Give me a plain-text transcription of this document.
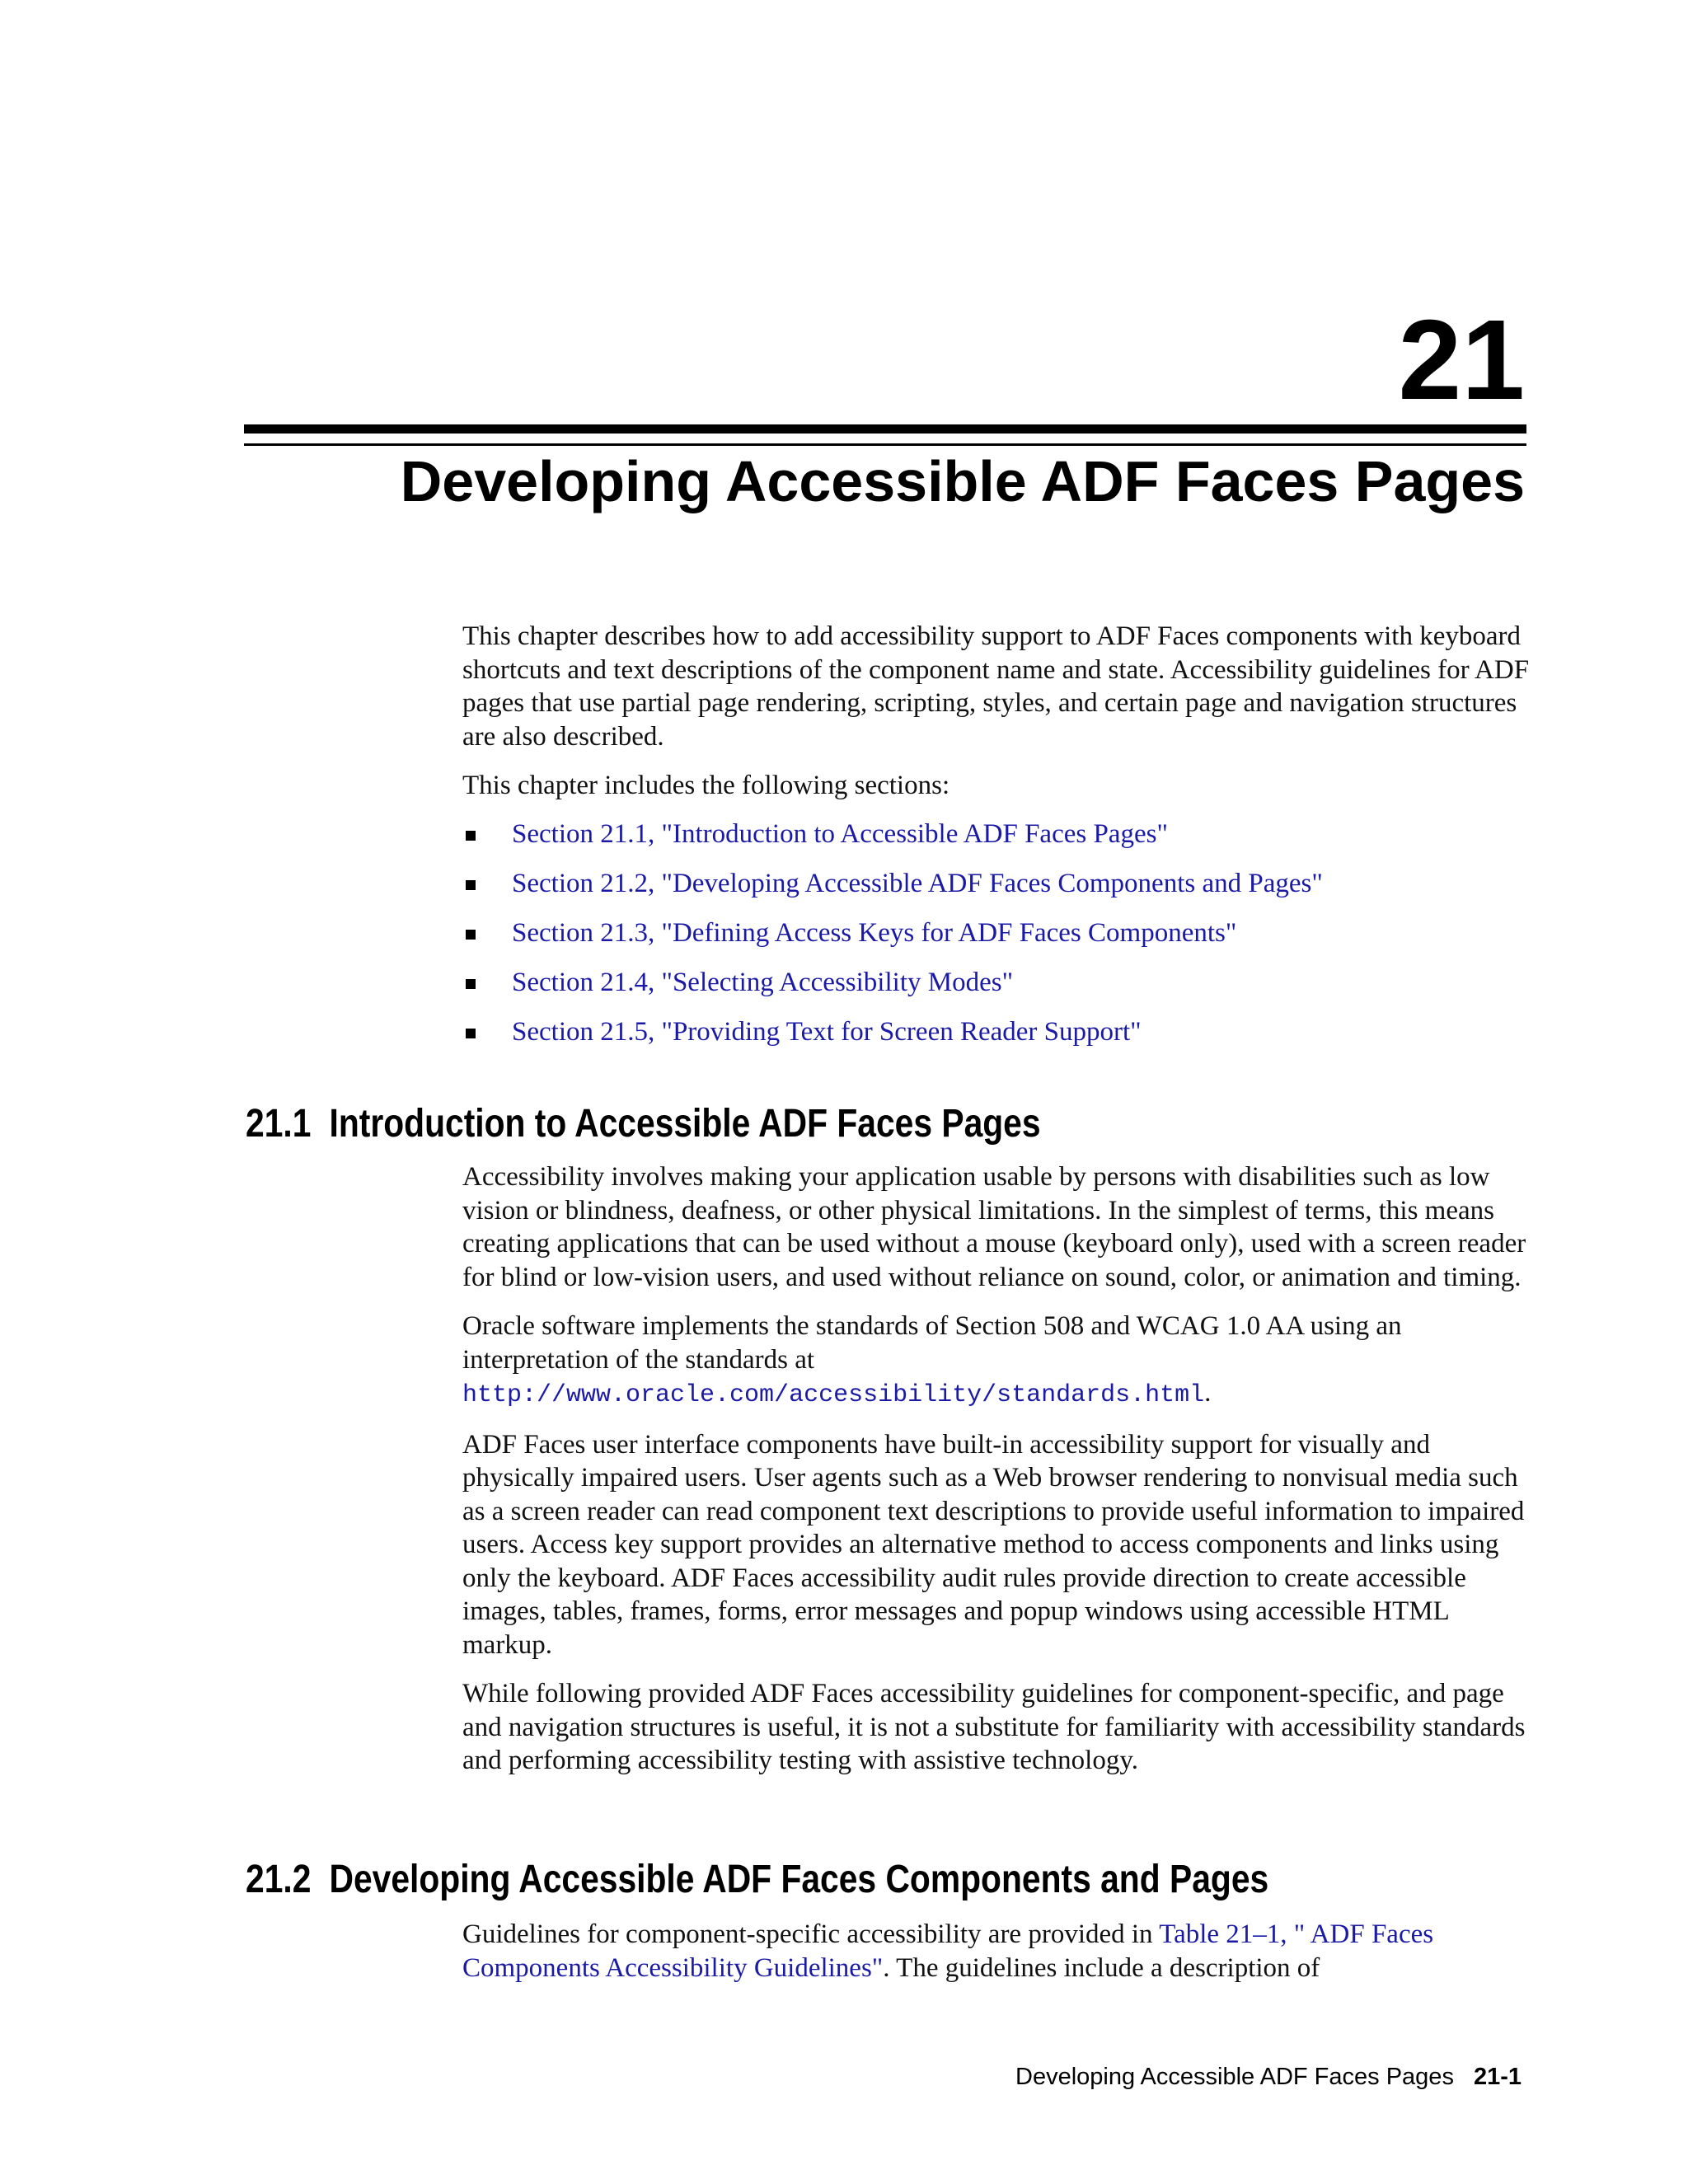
21
Developing Accessible ADF Faces Pages

This chapter describes how to add accessibility support to ADF Faces components with keyboard shortcuts and text descriptions of the component name and state. Accessibility guidelines for ADF pages that use partial page rendering, scripting, styles, and certain page and navigation structures are also described.

This chapter includes the following sections:

Section 21.1, "Introduction to Accessible ADF Faces Pages"
Section 21.2, "Developing Accessible ADF Faces Components and Pages"
Section 21.3, "Defining Access Keys for ADF Faces Components"
Section 21.4, "Selecting Accessibility Modes"
Section 21.5, "Providing Text for Screen Reader Support"
21.1 Introduction to Accessible ADF Faces Pages

Accessibility involves making your application usable by persons with disabilities such as low vision or blindness, deafness, or other physical limitations. In the simplest of terms, this means creating applications that can be used without a mouse (keyboard only), used with a screen reader for blind or low-vision users, and used without reliance on sound, color, or animation and timing.

Oracle software implements the standards of Section 508 and WCAG 1.0 AA using an interpretation of the standards at
http://www.oracle.com/accessibility/standards.html.

ADF Faces user interface components have built-in accessibility support for visually and physically impaired users. User agents such as a Web browser rendering to nonvisual media such as a screen reader can read component text descriptions to provide useful information to impaired users. Access key support provides an alternative method to access components and links using only the keyboard. ADF Faces accessibility audit rules provide direction to create accessible images, tables, frames, forms, error messages and popup windows using accessible HTML markup.

While following provided ADF Faces accessibility guidelines for component-specific, and page and navigation structures is useful, it is not a substitute for familiarity with accessibility standards and performing accessibility testing with assistive technology.

21.2 Developing Accessible ADF Faces Components and Pages

Guidelines for component-specific accessibility are provided in Table 21–1, " ADF Faces Components Accessibility Guidelines". The guidelines include a description of

Developing Accessible ADF Faces Pages 21-1
